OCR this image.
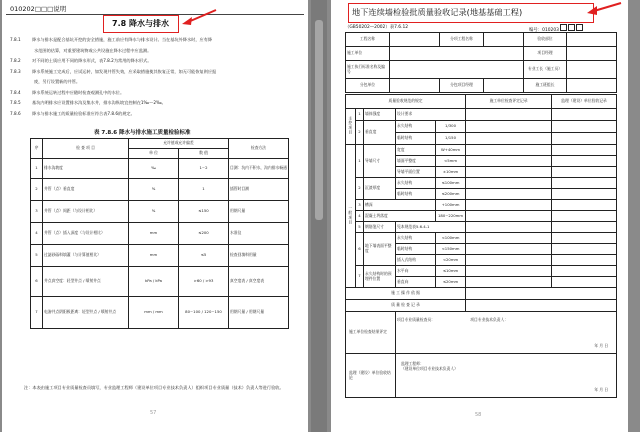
010202□□□说明
7.8 降水与排水
7.8.1	降水与排水是配合基坑开挖的安全措施，施工前应有降水与排水设计。当在基坑外降水时，应有降
水范围的估算，对重要建筑物或公共设施在降水过程中应监测。
7.8.2	对不同的土质应用不同的降水形式，表7.8.2为常用的降水形式。
7.8.3	降水系统施工完成后，应试运转，如发现井管失效，应采取措施使其恢复正常，如无可能恢复则应报
废，另行设置新的井管。
7.8.4	降水系统运转过程中应随时检查观测孔中的水位。
7.8.5	基坑内明排水应设置排水沟及集水井，排水沟纵坡宜控制在1‰～2‰。
7.8.6	降水与排水施工的质量检验标准应符合表7.8.6的规定。
表 7.8.6 降水与排水施工质量检验标准
序	检 查 项 目	允许值或允许偏差		检查方法
		单 位	数 值	
1	排水沟坡度	‰	1~2	目测：坑内不积水，沟内排水畅通
2	井管（点）垂直度	%	1	插管时目测
3	井管（点）间距（与设计相比）	%	≤150	用钢尺量
4	井管（点）插入深度（与设计相比）	mm	≤200	水准仪
5	过滤砂砾料填灌（与计算值相比）	mm	≤5	检查回填料用量
6	井点真空度：轻型井点 / 喷射井点	kPa / kPa	>60 / >93	真空度表 / 真空度表
7	电渗井点阴阳极距离：轻型井点 / 喷射井点	mm / mm	80~100 / 120~150	用钢尺量 / 用钢尺量
注：本表由施工项目专业质量检查员填写，专业监理工程师（建设单位项目专业技术负责人）组织项目专业质量（技术）负责人等进行验收。
57
地下连续墙检验批质量验收记录(地基基础工程)
（GB50202—2002）表7.6.12
编号：010203
工程名称		分项工程名称		验收部位	
施工单位				项目经理	
施工执行标准名称及编号				专业工长（施工员）	
分包单位		分包项目经理		施工班组长	
质量验收规范的规定					施工单位检查评定记录	监理（建设）单位验收记录
主控项目	1	墙体强度	设计要求			
	2	垂直度	永久结构	1/300		
			临时结构	1/150		
一般项目	1	导墙尺寸	宽度	W+40mm		
			墙面平整度	<5mm		
			导墙平面位置	±10mm		
	2	沉渣厚度	永久结构	≤100mm		
			临时结构	≤200mm		
	3	槽深		+100mm		
	4	混凝土坍落度		180~220mm		
	5	钢筋笼尺寸	见本规范表5.6.4-1			
	6	地下墙表面平整度	永久结构	<100mm		
			临时结构	<150mm		
			插入式结构	<20mm		
	7	永久结构时的预埋件位置	水平向	≤10mm		
			垂直向	≤20mm		
施 工 操 作 依 据						
质 量 检 查 记 录						
施工单位检查结果评定			项目专业质量检查员： 项目专业技术负责人：
年 月 日			

监理（建设）单位验收结论			监理工程师：
（建设单位项目专业技术负责人）
年 月 日			
58
